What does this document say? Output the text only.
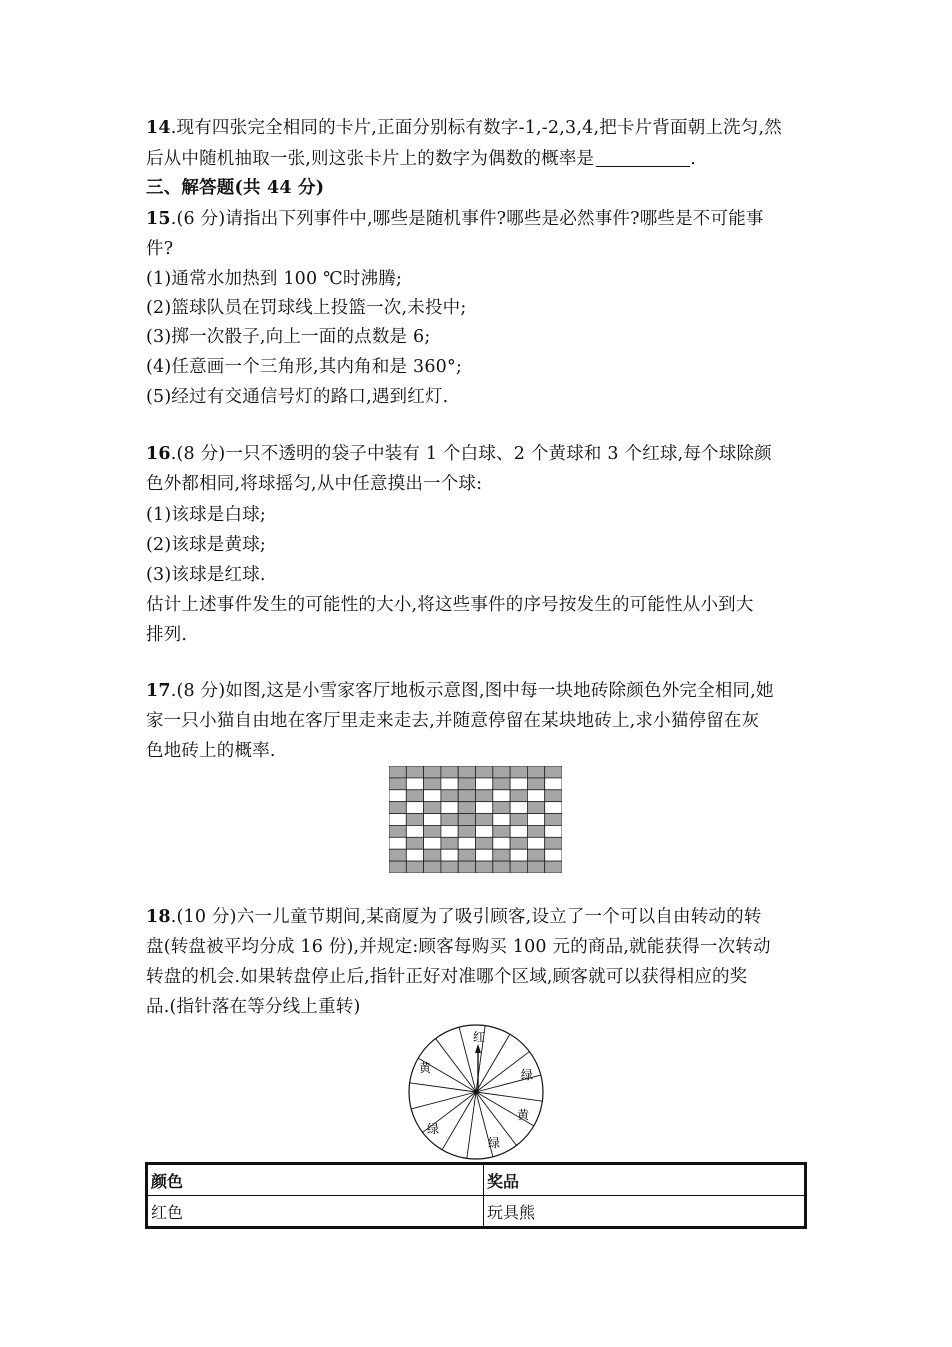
14.现有四张完全相同的卡片,正面分别标有数字-1,-2,3,4,把卡片背面朝上洗匀,然
后从中随机抽取一张,则这张卡片上的数字为偶数的概率是	.
三、解答题(共 44 分)
15.(6 分)请指出下列事件中,哪些是随机事件?哪些是必然事件?哪些是不可能事
件?
(1)通常水加热到 100 ℃时沸腾;
(2)篮球队员在罚球线上投篮一次,未投中;
(3)掷一次骰子,向上一面的点数是 6;
(4)任意画一个三角形,其内角和是 360°;
(5)经过有交通信号灯的路口,遇到红灯.
16.(8 分)一只不透明的袋子中装有 1 个白球、2 个黄球和 3 个红球,每个球除颜
色外都相同,将球摇匀,从中任意摸出一个球:
(1)该球是白球;
(2)该球是黄球;
(3)该球是红球.
估计上述事件发生的可能性的大小,将这些事件的序号按发生的可能性从小到大
排列.
17.(8 分)如图,这是小雪家客厅地板示意图,图中每一块地砖除颜色外完全相同,她
家一只小猫自由地在客厅里走来走去,并随意停留在某块地砖上,求小猫停留在灰
色地砖上的概率.
18.(10 分)六一儿童节期间,某商厦为了吸引顾客,设立了一个可以自由转动的转
盘(转盘被平均分成 16 份),并规定:顾客每购买 100 元的商品,就能获得一次转动
转盘的机会.如果转盘停止后,指针正好对准哪个区域,顾客就可以获得相应的奖
品.(指针落在等分线上重转)
红
黄	绿
黄
绿
绿
颜色	奖品
红色	玩具熊
